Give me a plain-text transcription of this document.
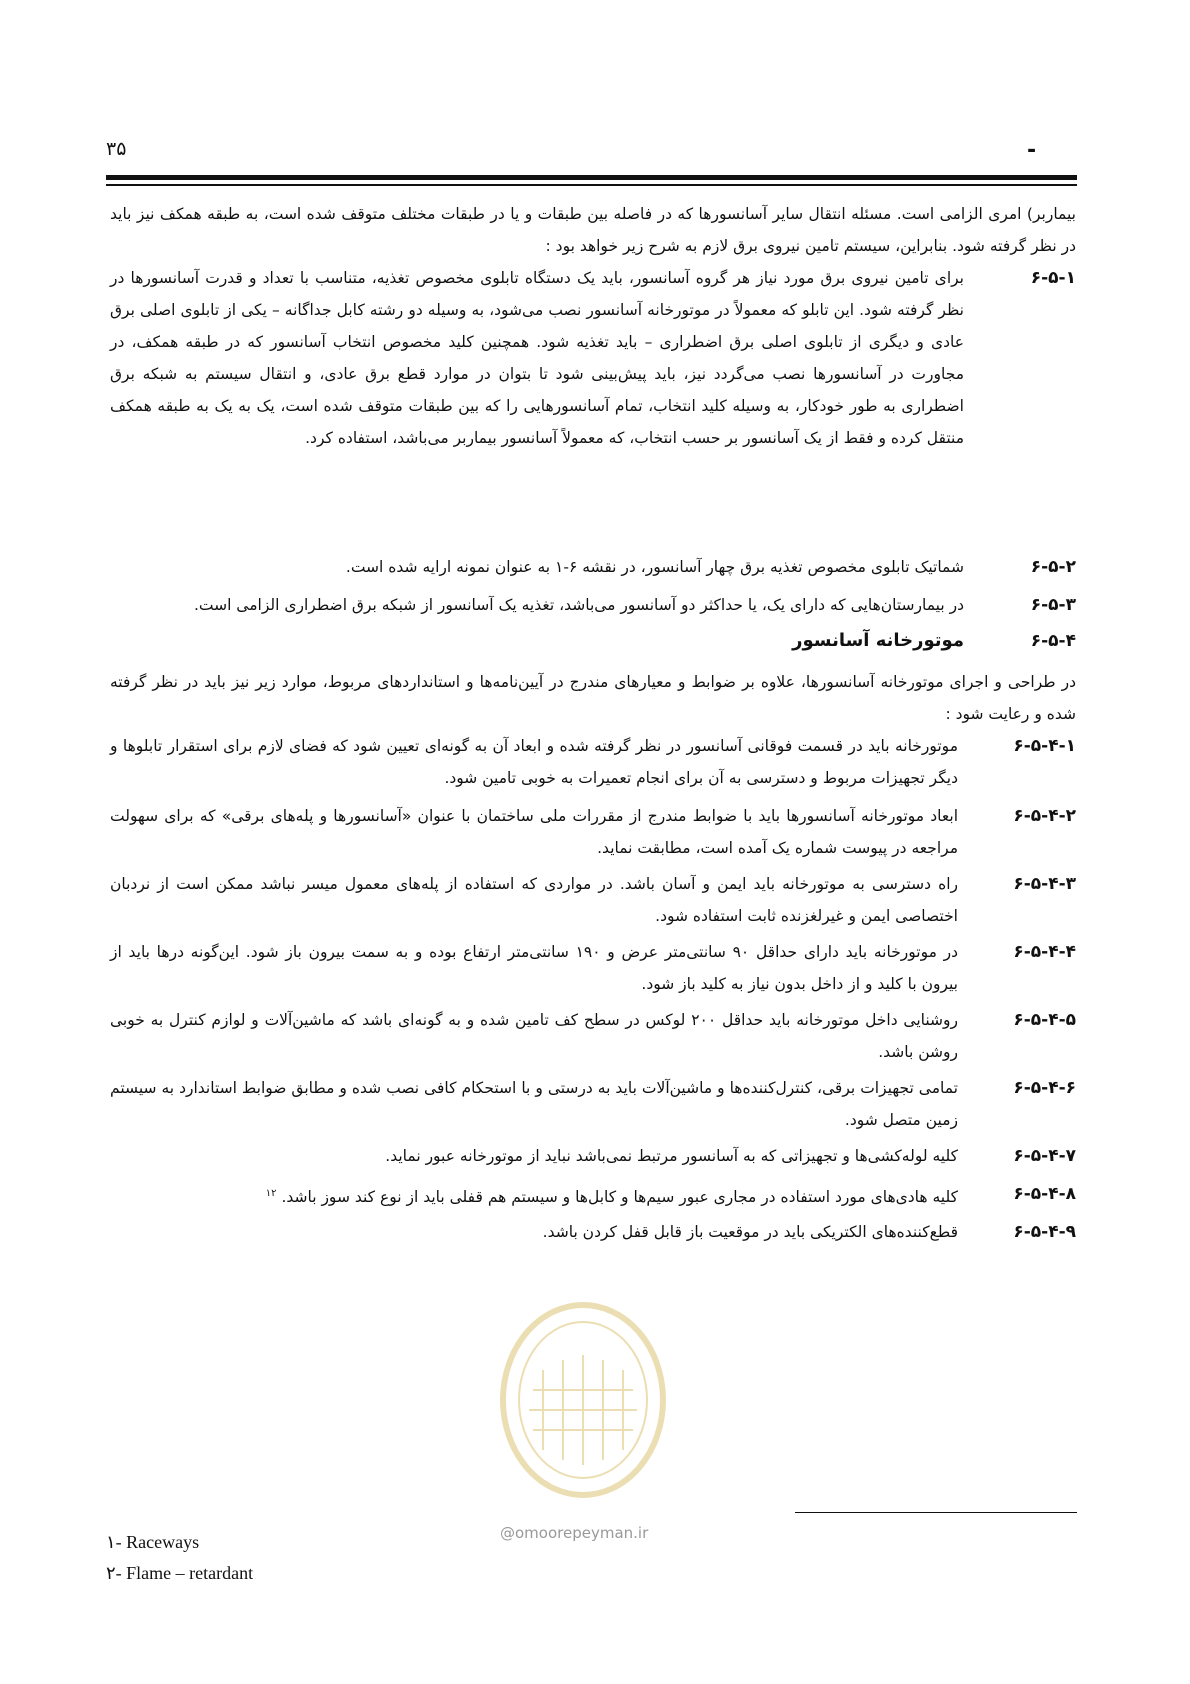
۳۵	-
بیماربر) امری الزامی است. مسئله انتقال سایر آسانسورها که در فاصله بین طبقات و یا در طبقات مختلف متوقف شده است، به طبقه همکف نیز باید در نظر گرفته شود. بنابراین، سیستم تامین نیروی برق لازم به شرح زیر خواهد بود :
۶-۵-۱
برای تامین نیروی برق مورد نیاز هر گروه آسانسور، باید یک دستگاه تابلوی مخصوص تغذیه، متناسب با تعداد و قدرت آسانسورها در نظر گرفته شود. این تابلو که معمولاً در موتورخانه آسانسور نصب می‌شود، به وسیله دو رشته کابل جداگانه – یکی از تابلوی اصلی برق عادی و دیگری از تابلوی اصلی برق اضطراری – باید تغذیه شود. همچنین کلید مخصوص انتخاب آسانسور که در طبقه همکف، در مجاورت در آسانسورها نصب می‌گردد نیز، باید پیش‌بینی شود تا بتوان در موارد قطع برق عادی، و انتقال سیستم به شبکه برق اضطراری به طور خودکار، به وسیله کلید انتخاب، تمام آسانسورهایی را که بین طبقات متوقف شده است، یک به یک به طبقه همکف منتقل کرده و فقط از یک آسانسور بر حسب انتخاب، که معمولاً آسانسور بیماربر می‌باشد، استفاده کرد.
۶-۵-۲
شماتیک تابلوی مخصوص تغذیه برق چهار آسانسور، در نقشه ۶-۱ به عنوان نمونه ارایه شده است.
۶-۵-۳
در بیمارستان‌هایی که دارای یک، یا حداکثر دو آسانسور می‌باشد، تغذیه یک آسانسور از شبکه برق اضطراری الزامی است.
۶-۵-۴
موتورخانه آسانسور
در طراحی و اجرای موتورخانه آسانسورها، علاوه بر ضوابط و معیارهای مندرج در آیین‌نامه‌ها و استانداردهای مربوط، موارد زیر نیز باید در نظر گرفته شده و رعایت شود :
۶-۵-۴-۱
موتورخانه باید در قسمت فوقانی آسانسور در نظر گرفته شده و ابعاد آن به گونه‌ای تعیین شود که فضای لازم برای استقرار تابلوها و دیگر تجهیزات مربوط و دسترسی به آن برای انجام تعمیرات به خوبی تامین شود.
۶-۵-۴-۲
ابعاد موتورخانه آسانسورها باید با ضوابط مندرج از مقررات ملی ساختمان با عنوان «آسانسورها و پله‌های برقی» که برای سهولت مراجعه در پیوست شماره یک آمده است، مطابقت نماید.
۶-۵-۴-۳
راه دسترسی به موتورخانه باید ایمن و آسان باشد. در مواردی که استفاده از پله‌های معمول میسر نباشد ممکن است از نردبان اختصاصی ایمن و غیرلغزنده ثابت استفاده شود.
۶-۵-۴-۴
در موتورخانه باید دارای حداقل ۹۰ سانتی‌متر عرض و ۱۹۰ سانتی‌متر ارتفاع بوده و به سمت بیرون باز شود. این‌گونه درها باید از بیرون با کلید و از داخل بدون نیاز به کلید باز شود.
۶-۵-۴-۵
روشنایی داخل موتورخانه باید حداقل ۲۰۰ لوکس در سطح کف تامین شده و به گونه‌ای باشد که ماشین‌آلات و لوازم کنترل به خوبی روشن باشد.
۶-۵-۴-۶
تمامی تجهیزات برقی، کنترل‌کننده‌ها و ماشین‌آلات باید به درستی و با استحکام کافی نصب شده و مطابق ضوابط استاندارد به سیستم زمین متصل شود.
۶-۵-۴-۷
کلیه لوله‌کشی‌ها و تجهیزاتی که به آسانسور مرتبط نمی‌باشد نباید از موتورخانه عبور نماید.
۶-۵-۴-۸
کلیه هادی‌های مورد استفاده در مجاری عبور سیم‌ها و کابل‌ها و سیستم هم قفلی باید از نوع کند سوز باشد. $^{۱۲}$
۶-۵-۴-۹
قطع‌کننده‌های الکتریکی باید در موقعیت باز قابل قفل کردن باشد.
۱- Raceways
۲- Flame – retardant
@omoorepeyman.ir
